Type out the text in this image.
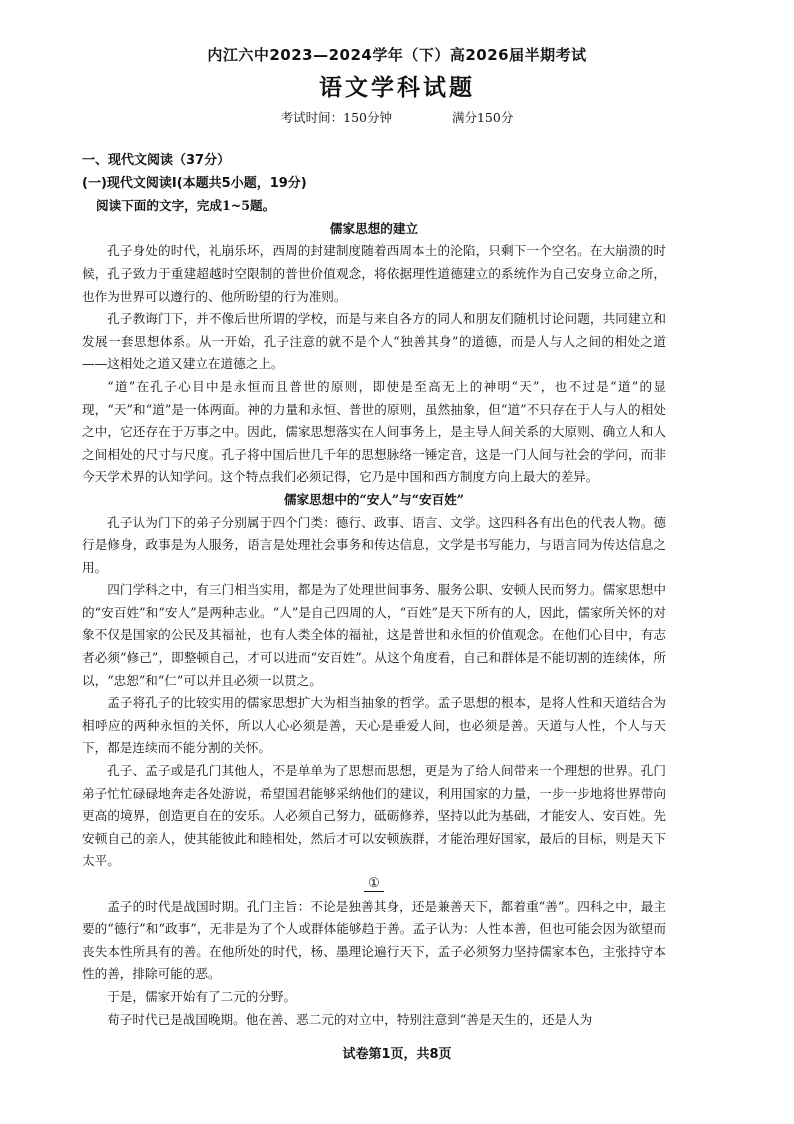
内江六中2023—2024学年（下）高2026届半期考试
语文学科试题
考试时间：150分钟	满分150分
一、现代文阅读（37分）
(一)现代文阅读Ⅰ(本题共5小题，19分)
阅读下面的文字，完成1~5题。
儒家思想的建立

孔子身处的时代，礼崩乐坏，西周的封建制度随着西周本土的沦陷，只剩下一个空名。在大崩溃的时候，孔子致力于重建超越时空限制的普世价值观念，将依据理性道德建立的系统作为自己安身立命之所，也作为世界可以遵行的、他所盼望的行为准则。

孔子教诲门下，并不像后世所谓的学校，而是与来自各方的同人和朋友们随机讨论问题，共同建立和发展一套思想体系。从一开始，孔子注意的就不是个人“独善其身”的道德，而是人与人之间的相处之道——这相处之道又建立在道德之上。

“道”在孔子心目中是永恒而且普世的原则，即使是至高无上的神明“天”，也不过是“道”的显现，“天”和“道”是一体两面。神的力量和永恒、普世的原则，虽然抽象，但“道”不只存在于人与人的相处之中，它还存在于万事之中。因此，儒家思想落实在人间事务上，是主导人间关系的大原则、确立人和人之间相处的尺寸与尺度。孔子将中国后世几千年的思想脉络一锤定音，这是一门人间与社会的学问，而非今天学术界的认知学问。这个特点我们必须记得，它乃是中国和西方制度方向上最大的差异。

儒家思想中的“安人”与“安百姓”

孔子认为门下的弟子分别属于四个门类：德行、政事、语言、文学。这四科各有出色的代表人物。德行是修身，政事是为人服务，语言是处理社会事务和传达信息，文学是书写能力，与语言同为传达信息之用。

四门学科之中，有三门相当实用，都是为了处理世间事务、服务公职、安顿人民而努力。儒家思想中的“安百姓”和“安人”是两种志业。“人”是自己四周的人，“百姓”是天下所有的人，因此，儒家所关怀的对象不仅是国家的公民及其福祉，也有人类全体的福祉，这是普世和永恒的价值观念。在他们心目中，有志者必须“修己”，即整顿自己，才可以进而“安百姓”。从这个角度看，自己和群体是不能切割的连续体，所以，“忠恕”和“仁”可以并且必须一以贯之。

孟子将孔子的比较实用的儒家思想扩大为相当抽象的哲学。孟子思想的根本，是将人性和天道结合为相呼应的两种永恒的关怀，所以人心必须是善，天心是垂爱人间，也必须是善。天道与人性，个人与天下，都是连续而不能分割的关怀。

孔子、孟子或是孔门其他人，不是单单为了思想而思想，更是为了给人间带来一个理想的世界。孔门弟子忙忙碌碌地奔走各处游说，希望国君能够采纳他们的建议，利用国家的力量，一步一步地将世界带向更高的境界，创造更自在的安乐。人必须自己努力，砥砺修养，坚持以此为基础，才能安人、安百姓。先安顿自己的亲人，使其能彼此和睦相处，然后才可以安顿族群，才能治理好国家，最后的目标，则是天下太平。

①

孟子的时代是战国时期。孔门主旨：不论是独善其身，还是兼善天下，都着重“善”。四科之中，最主要的“德行”和“政事”，无非是为了个人或群体能够趋于善。孟子认为：人性本善，但也可能会因为欲望而丧失本性所具有的善。在他所处的时代，杨、墨理论遍行天下，孟子必须努力坚持儒家本色，主张持守本性的善，排除可能的恶。

于是，儒家开始有了二元的分野。

荀子时代已是战国晚期。他在善、恶二元的对立中，特别注意到“善是天生的，还是人为

试卷第1页，共8页
